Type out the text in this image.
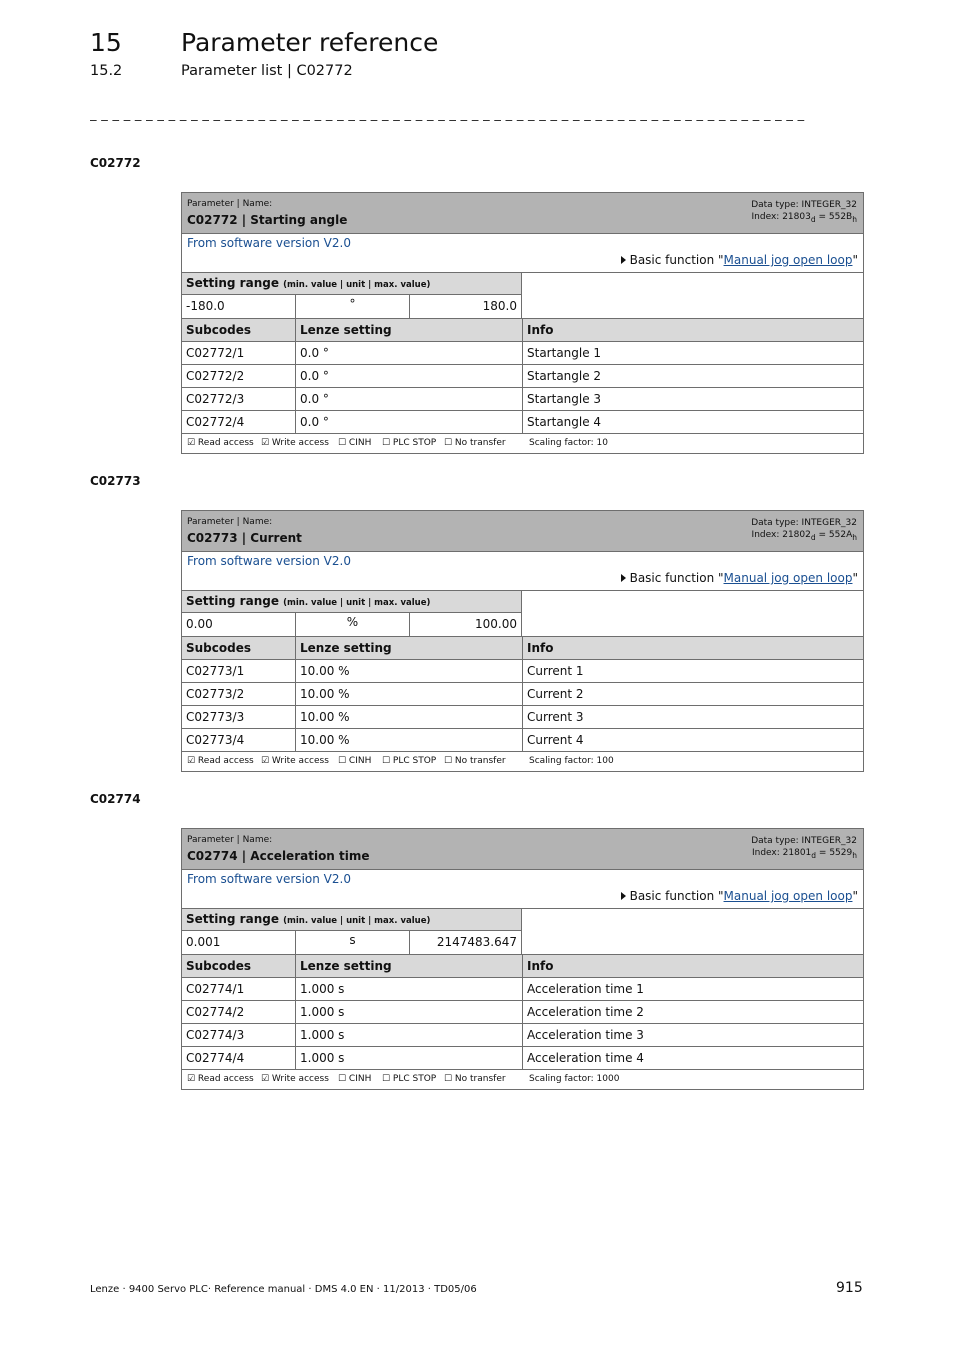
15 Parameter reference
15.2	Parameter list | C02772
_ _ _ _ _ _ _ _ _ _ _ _ _ _ _ _ _ _ _ _ _ _ _ _ _ _ _ _ _ _ _ _ _ _ _ _ _ _ _ _ _ _ _ _ _ _ _ _ _ _ _ _ _ _ _ _ _ _ _ _ _ _ _ _
C02772
Parameter | Name:
C02772 | Starting angle
Data type: INTEGER_32
Index: $21803_d = 552B_h$
From software version V2.0
Basic function "Manual jog open loop"
Setting range (min. value | unit | max. value)
-180.0	°	180.0
Subcodes	Lenze setting	Info
C02772/1	0.0 °	Startangle 1
C02772/2	0.0 °	Startangle 2
C02772/3	0.0 °	Startangle 3
C02772/4	0.0 °	Startangle 4
☑ Read access ☑ Write access ☐ CINH ☐ PLC STOP ☐ No transfer	Scaling factor: 10
C02773
Parameter | Name:
C02773 | Current
Data type: INTEGER_32
Index: $21802_d = 552A_h$
From software version V2.0
Basic function "Manual jog open loop"
Setting range (min. value | unit | max. value)
0.00	%	100.00
Subcodes	Lenze setting	Info
C02773/1	10.00 %	Current 1
C02773/2	10.00 %	Current 2
C02773/3	10.00 %	Current 3
C02773/4	10.00 %	Current 4
☑ Read access ☑ Write access ☐ CINH ☐ PLC STOP ☐ No transfer	Scaling factor: 100
C02774
Parameter | Name:
C02774 | Acceleration time
Data type: INTEGER_32
Index: $21801_d = 5529_h$
From software version V2.0
Basic function "Manual jog open loop"
Setting range (min. value | unit | max. value)
0.001	s	2147483.647
Subcodes	Lenze setting	Info
C02774/1	1.000 s	Acceleration time 1
C02774/2	1.000 s	Acceleration time 2
C02774/3	1.000 s	Acceleration time 3
C02774/4	1.000 s	Acceleration time 4
☑ Read access ☑ Write access ☐ CINH ☐ PLC STOP ☐ No transfer	Scaling factor: 1000
Lenze · 9400 Servo PLC· Reference manual · DMS 4.0 EN · 11/2013 · TD05/06	915
